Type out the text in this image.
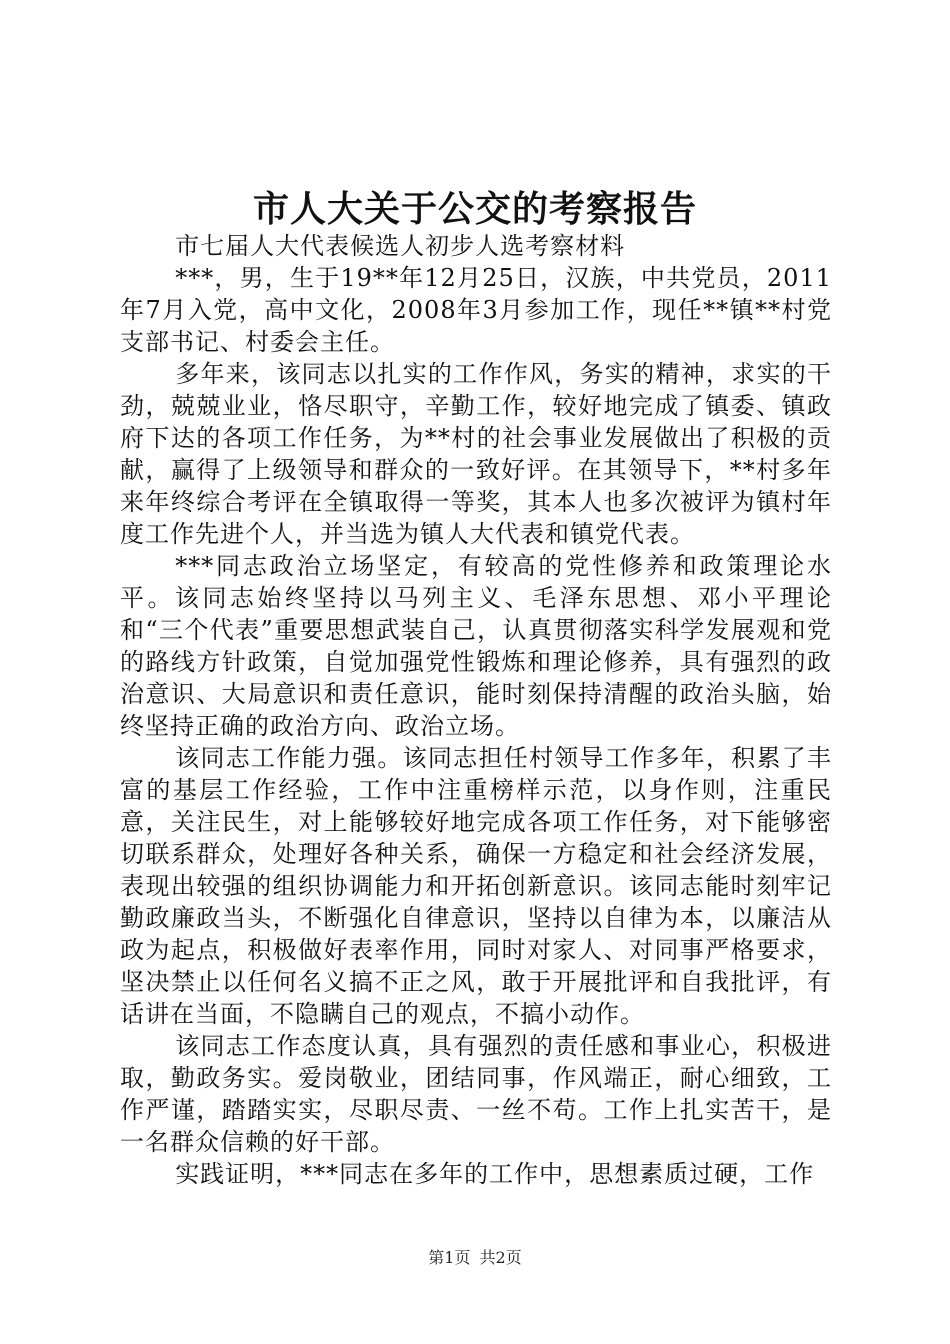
市人大关于公交的考察报告

市七届人大代表候选人初步人选考察材料

***，男，生于19**年12月25日，汉族，中共党员，2011年7月入党，高中文化，2008年3月参加工作，现任**镇**村党支部书记、村委会主任。

多年来，该同志以扎实的工作作风，务实的精神，求实的干劲，兢兢业业，恪尽职守，辛勤工作，较好地完成了镇委、镇政府下达的各项工作任务，为**村的社会事业发展做出了积极的贡献，赢得了上级领导和群众的一致好评。在其领导下，**村多年来年终综合考评在全镇取得一等奖，其本人也多次被评为镇村年度工作先进个人，并当选为镇人大代表和镇党代表。

***同志政治立场坚定，有较高的党性修养和政策理论水平。该同志始终坚持以马列主义、毛泽东思想、邓小平理论和“三个代表”重要思想武装自己，认真贯彻落实科学发展观和党的路线方针政策，自觉加强党性锻炼和理论修养，具有强烈的政治意识、大局意识和责任意识，能时刻保持清醒的政治头脑，始终坚持正确的政治方向、政治立场。

该同志工作能力强。该同志担任村领导工作多年，积累了丰富的基层工作经验，工作中注重榜样示范，以身作则，注重民意，关注民生，对上能够较好地完成各项工作任务，对下能够密切联系群众，处理好各种关系，确保一方稳定和社会经济发展，表现出较强的组织协调能力和开拓创新意识。该同志能时刻牢记勤政廉政当头，不断强化自律意识，坚持以自律为本，以廉洁从政为起点，积极做好表率作用，同时对家人、对同事严格要求，坚决禁止以任何名义搞不正之风，敢于开展批评和自我批评，有话讲在当面，不隐瞒自己的观点，不搞小动作。

该同志工作态度认真，具有强烈的责任感和事业心，积极进取，勤政务实。爱岗敬业，团结同事，作风端正，耐心细致，工作严谨，踏踏实实，尽职尽责、一丝不苟。工作上扎实苦干，是一名群众信赖的好干部。

实践证明，***同志在多年的工作中，思想素质过硬，工作

第1页 共2页
